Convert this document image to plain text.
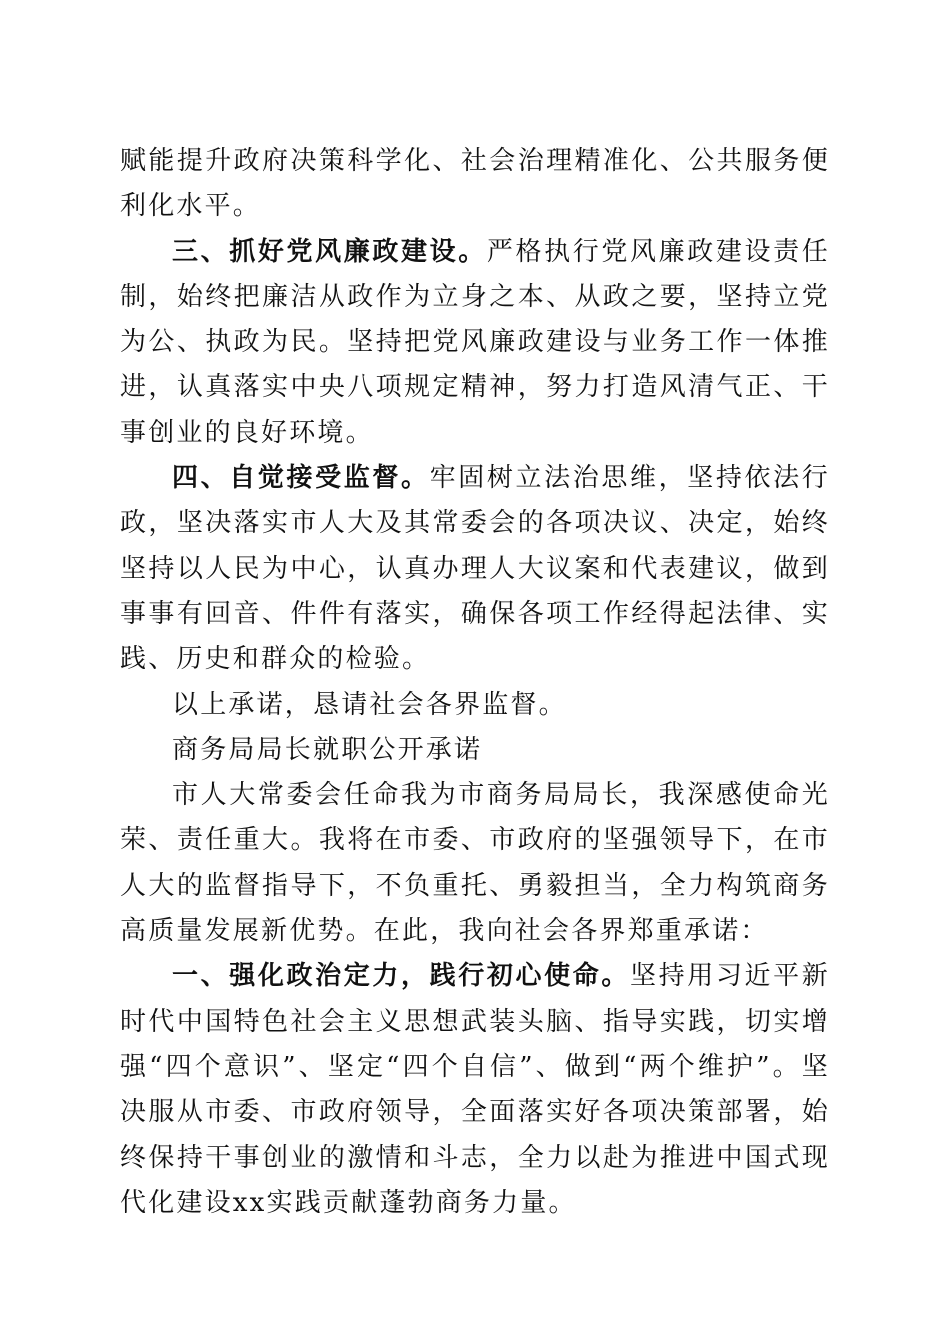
赋能提升政府决策科学化、社会治理精准化、公共服务便利化水平。

三、抓好党风廉政建设。严格执行党风廉政建设责任制，始终把廉洁从政作为立身之本、从政之要，坚持立党为公、执政为民。坚持把党风廉政建设与业务工作一体推进，认真落实中央八项规定精神，努力打造风清气正、干事创业的良好环境。

四、自觉接受监督。牢固树立法治思维，坚持依法行政，坚决落实市人大及其常委会的各项决议、决定，始终坚持以人民为中心，认真办理人大议案和代表建议，做到事事有回音、件件有落实，确保各项工作经得起法律、实践、历史和群众的检验。

以上承诺，恳请社会各界监督。

商务局局长就职公开承诺

市人大常委会任命我为市商务局局长，我深感使命光荣、责任重大。我将在市委、市政府的坚强领导下，在市人大的监督指导下，不负重托、勇毅担当，全力构筑商务高质量发展新优势。在此，我向社会各界郑重承诺：

一、强化政治定力，践行初心使命。坚持用习近平新时代中国特色社会主义思想武装头脑、指导实践，切实增强“四个意识”、坚定“四个自信”、做到“两个维护”。坚决服从市委、市政府领导，全面落实好各项决策部署，始终保持干事创业的激情和斗志，全力以赴为推进中国式现代化建设xx实践贡献蓬勃商务力量。
